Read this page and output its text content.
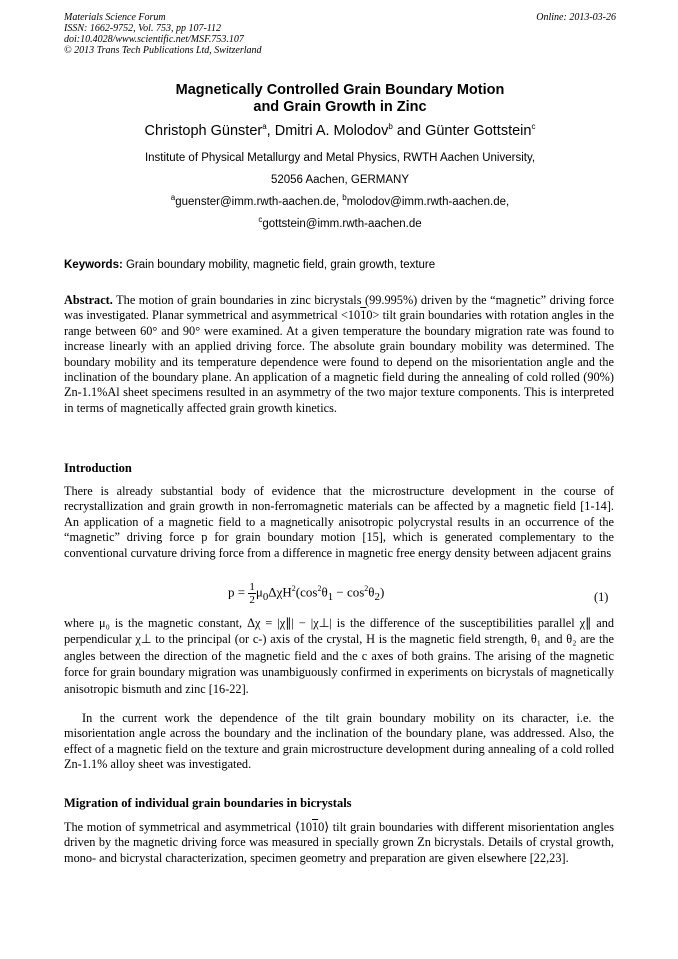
Materials Science Forum
ISSN: 1662-9752, Vol. 753, pp 107-112
doi:10.4028/www.scientific.net/MSF.753.107
© 2013 Trans Tech Publications Ltd, Switzerland
Online: 2013-03-26
Magnetically Controlled Grain Boundary Motion
and Grain Growth in Zinc
Christoph Günster$^a$, Dmitri A. Molodov$^b$ and Günter Gottstein$^c$
Institute of Physical Metallurgy and Metal Physics, RWTH Aachen University,
52056 Aachen, GERMANY
$^a$guenster@imm.rwth-aachen.de, $^b$molodov@imm.rwth-aachen.de,
$^c$gottstein@imm.rwth-aachen.de
Keywords: Grain boundary mobility, magnetic field, grain growth, texture
Abstract. The motion of grain boundaries in zinc bicrystals (99.995%) driven by the “magnetic” driving force was investigated. Planar symmetrical and asymmetrical <1010> tilt grain boundaries with rotation angles in the range between 60° and 90° were examined. At a given temperature the boundary migration rate was found to increase linearly with an applied driving force. The absolute grain boundary mobility was determined. The boundary mobility and its temperature dependence were found to depend on the misorientation angle and the inclination of the boundary plane. An application of a magnetic field during the annealing of cold rolled (90%) Zn-1.1%Al sheet specimens resulted in an asymmetry of the two major texture components. This is interpreted in terms of magnetically affected grain growth kinetics.
Introduction
There is already substantial body of evidence that the microstructure development in the course of recrystallization and grain growth in non-ferromagnetic materials can be affected by a magnetic field [1-14]. An application of a magnetic field to a magnetically anisotropic polycrystal results in an occurrence of the “magnetic” driving force p for grain boundary motion [15], which is generated complementary to the conventional curvature driving force from a difference in magnetic free energy density between adjacent grains
$p = \frac{1}{2} \mu_0\Delta\chi H^2(\cos^2\theta_1 - \cos^2\theta_2)$	(1)
where μ₀ is the magnetic constant, Δχ = |χ∥| − |χ⊥| is the difference of the susceptibilities parallel χ∥ and perpendicular χ⊥ to the principal (or c-) axis of the crystal, H is the magnetic field strength, θ₁ and θ₂ are the angles between the direction of the magnetic field and the c axes of both grains. The arising of the magnetic force for grain boundary migration was unambiguously confirmed in experiments on bicrystals of magnetically anisotropic bismuth and zinc [16-22].
In the current work the dependence of the tilt grain boundary mobility on its character, i.e. the misorientation angle across the boundary and the inclination of the boundary plane, was addressed. Also, the effect of a magnetic field on the texture and grain microstructure development during annealing of a cold rolled Zn-1.1% alloy sheet was investigated.
Migration of individual grain boundaries in bicrystals
The motion of symmetrical and asymmetrical ⟨1010⟩ tilt grain boundaries with different misorientation angles driven by the magnetic driving force was measured in specially grown Zn bicrystals. Details of crystal growth, mono- and bicrystal characterization, specimen geometry and preparation are given elsewhere [22,23].
